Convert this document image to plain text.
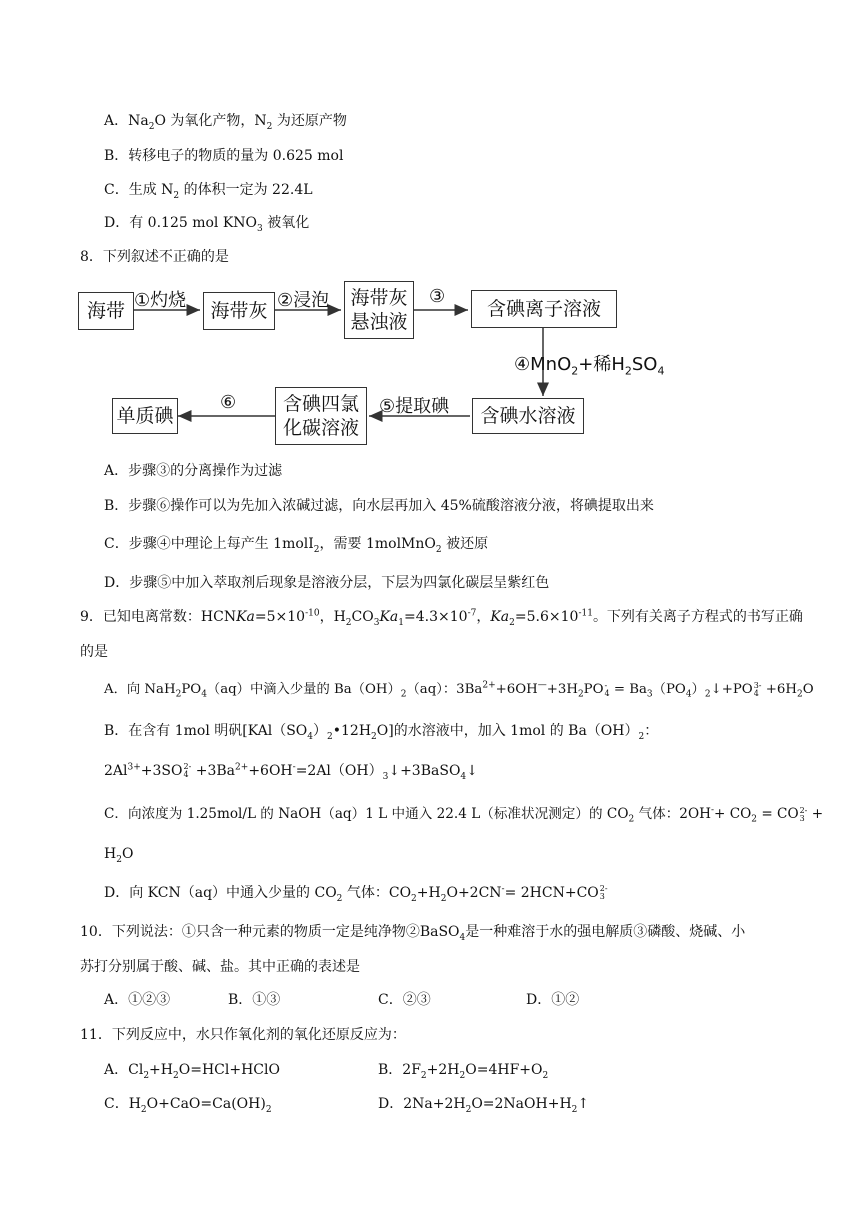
A．$Na_2O$ 为氧化产物，$N_2$ 为还原产物
B．转移电子的物质的量为 0.625 mol
C．生成 $N_2$ 的体积一定为 22.4L
D．有 0.125 mol $KNO_3$ 被氧化
8．下列叙述不正确的是
海带	海带灰
海带灰
悬浊液
含碘离子溶液
含碘水溶液
含碘四氯
化碳溶液
单质碘
①灼烧	②浸泡	③
④MnO$_2$+稀$H_2SO_4$
⑤提取碘
⑥
A．步骤③的分离操作为过滤
B．步骤⑥操作可以为先加入浓碱过滤，向水层再加入 45%硫酸溶液分液，将碘提取出来
C．步骤④中理论上每产生 1molI$_2$，需要 1molMnO$_2$ 被还原
D．步骤⑤中加入萃取剂后现象是溶液分层，下层为四氯化碳层呈紫红色
9．已知电离常数：$HCNKa=5\times 10^{-10}$，$H_2CO_3Ka_1=4.3\times 10^{-7}$，$Ka_2=5.6\times 10^{-11}$。下列有关离子方程式的书写正确
的是
A．向 $NaH_2PO_4(aq)$中滴入少量的 $Ba(OH)_2(aq)$：$3Ba^{2+}+6OH^—+3H_2PO$ -
$4 = Ba_3(PO_4)_2↓+PO$ 3-
$4 +6H_2O$
B．在含有 1mol 明矾$[KAl(SO_4)_2•12H_2O]$的水溶液中，加入 1mol 的 $Ba(OH)_2$：
$2Al^{3+}+3SO$ 2-
$4 +3Ba^{2+}+6OH^-=2Al(OH)_3↓+3BaSO_4↓$
C．向浓度为 1.25mol/L 的 NaOH（aq）1 L 中通入 22.4 L（标准状况测定）的 $CO_2$ 气体：$2OH^-+ CO_2$ = CO 2-
3 +
$H_2O$
D．向 KCN（aq）中通入少量的 $CO_2$ 气体：$CO_2+H_2O+2CN^-= 2HCN+CO$ 2-
3
10．下列说法：①只含一种元素的物质一定是纯净物②BaSO$_4$是一种难溶于水的强电解质③磷酸、烧碱、小
苏打分别属于酸、碱、盐。其中正确的表述是
A．①②③	B．①③	C．②③	D．①②
11．下列反应中，水只作氧化剂的氧化还原反应为：
A．$Cl_2+H_2O=HCl+HClO$	B．$2F_2+2H_2O=4HF+O_2$
C．$H_2O+CaO=Ca(OH)_2$	D．$2Na+2H_2O=2NaOH+H_2↑$
